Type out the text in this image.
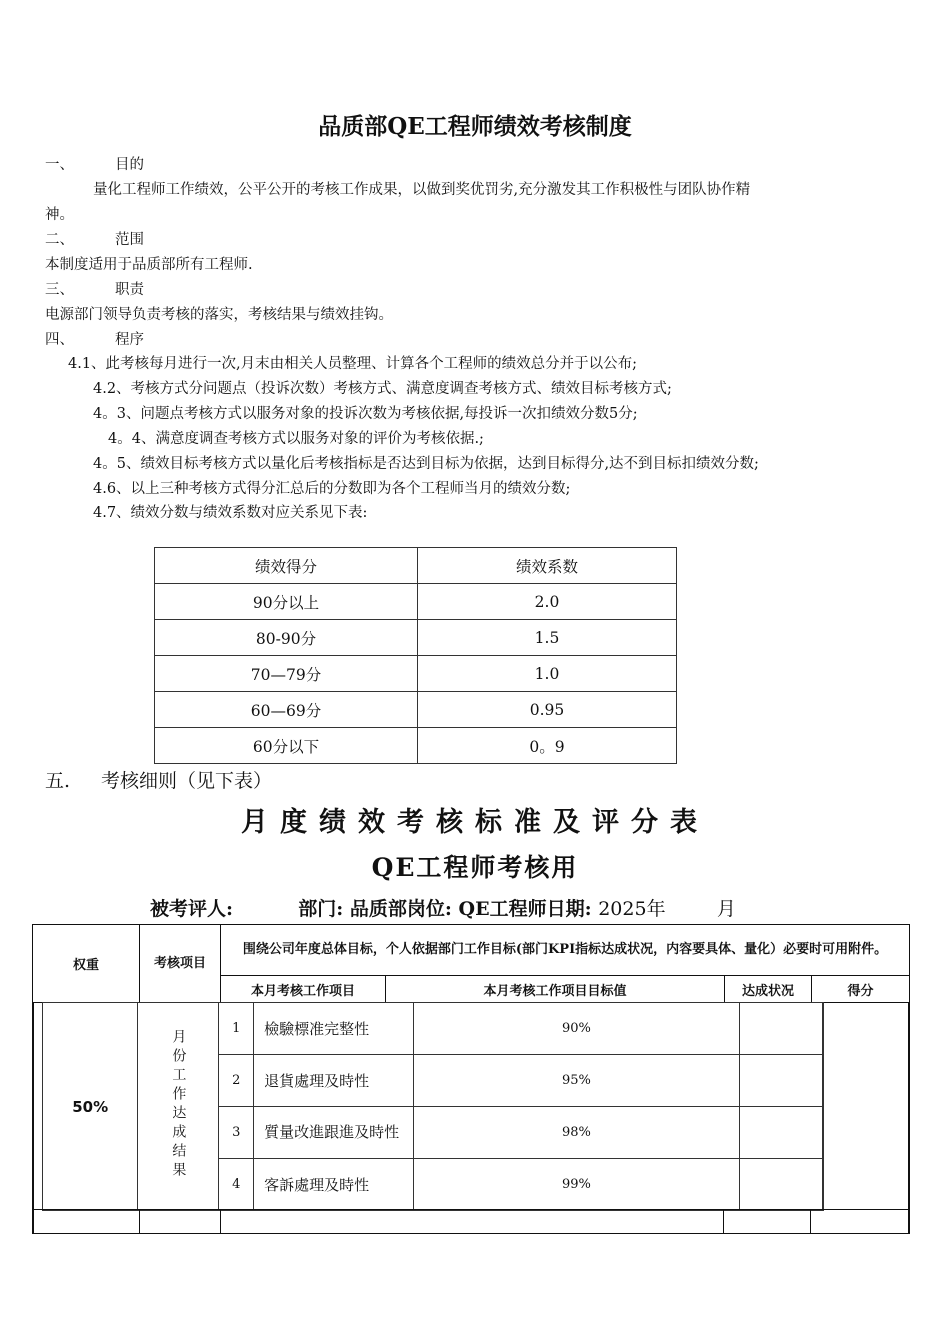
品质部QE工程师绩效考核制度
一、	目的
量化工程师工作绩效，公平公开的考核工作成果，以做到奖优罚劣,充分激发其工作积极性与团队协作精
神。
二、	范围
本制度适用于品质部所有工程师.
三、	职责
电源部门领导负责考核的落实，考核结果与绩效挂钩。
四、	程序
4.1、此考核每月进行一次,月末由相关人员整理、计算各个工程师的绩效总分并于以公布;
4.2、考核方式分问题点（投诉次数）考核方式、满意度调查考核方式、绩效目标考核方式;
4。3、问题点考核方式以服务对象的投诉次数为考核依据,每投诉一次扣绩效分数5分;
4。4、满意度调查考核方式以服务对象的评价为考核依据.;
4。5、绩效目标考核方式以量化后考核指标是否达到目标为依据，达到目标得分,达不到目标扣绩效分数;
4.6、以上三种考核方式得分汇总后的分数即为各个工程师当月的绩效分数;
4.7、绩效分数与绩效系数对应关系见下表:
绩效得分	绩效系数
90分以上	2.0
80-90分	1.5
70—79分	1.0
60—69分	0.95
60分以下	0。9
五. 考核细则（见下表）
月度绩效考核标准及评分表
QE工程师考核用
被考评人:	部门: 品质部岗位: QE工程师日期: 2025年	月
权重	考核项目	围绕公司年度总体目标，个人依据部门工作目标(部门KPI指标达成状况，内容要具体、量化）必要时可用附件。			
		本月考核工作项目	本月考核工作项目目标值	达成状况	得分
50%	月份工作达成结果	1	檢驗標准完整性	90%		
		2	退貨處理及時性	95%		
		3	質量改進跟進及時性	98%		
		4	客訴處理及時性	99%		
